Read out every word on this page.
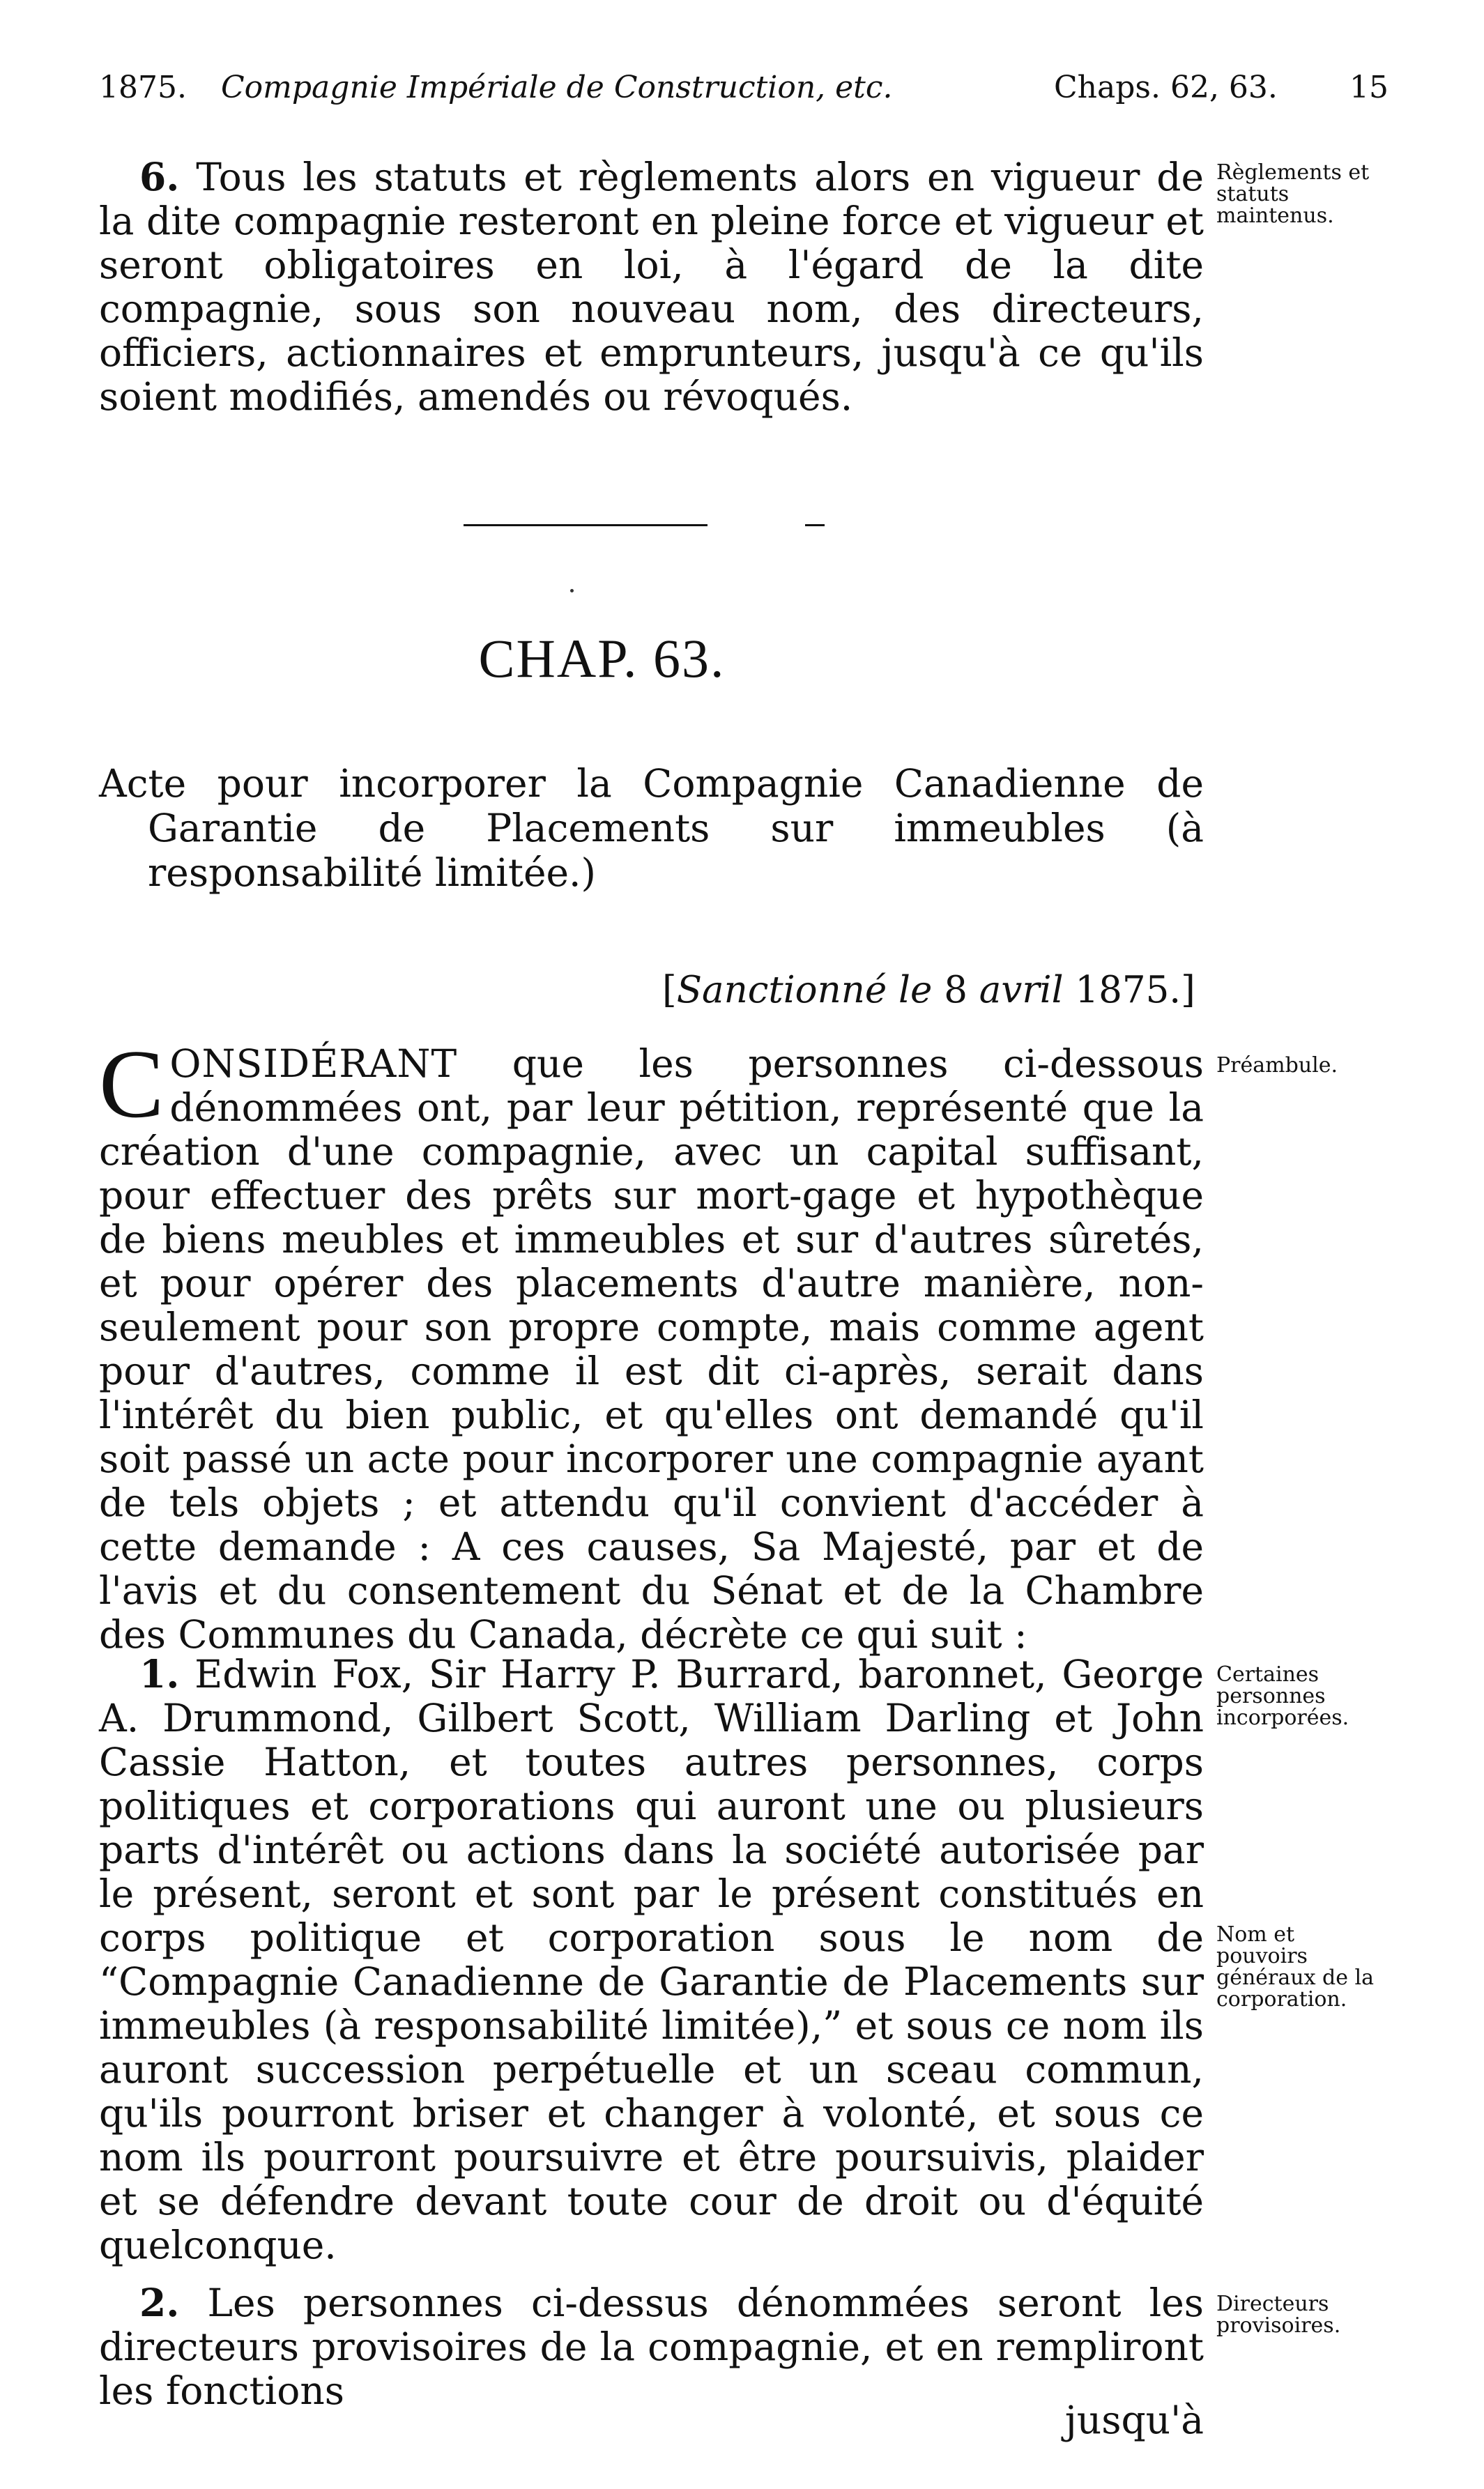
1875. Compagnie Impériale de Construction, etc.	Chaps. 62, 63. 15
6. Tous les statuts et règlements alors en vigueur de la dite compagnie resteront en pleine force et vigueur et seront obligatoires en loi, à l'égard de la dite compagnie, sous son nouveau nom, des directeurs, officiers, actionnaires et emprunteurs, jusqu'à ce qu'ils soient modifiés, amendés ou révoqués.
Règlements et statuts maintenus.
CHAP. 63.
Acte pour incorporer la Compagnie Canadienne de Garantie de Placements sur immeubles (à responsabilité limitée.)
[Sanctionné le 8 avril 1875.]
CONSIDÉRANT que les personnes ci-dessous dénommées ont, par leur pétition, représenté que la création d'une compagnie, avec un capital suffisant, pour effectuer des prêts sur mort-gage et hypothèque de biens meubles et immeubles et sur d'autres sûretés, et pour opérer des placements d'autre manière, non-seulement pour son propre compte, mais comme agent pour d'autres, comme il est dit ci-après, serait dans l'intérêt du bien public, et qu'elles ont demandé qu'il soit passé un acte pour incorporer une compagnie ayant de tels objets ; et attendu qu'il convient d'accéder à cette demande : A ces causes, Sa Majesté, par et de l'avis et du consentement du Sénat et de la Chambre des Communes du Canada, décrète ce qui suit :
Préambule.
1. Edwin Fox, Sir Harry P. Burrard, baronnet, George A. Drummond, Gilbert Scott, William Darling et John Cassie Hatton, et toutes autres personnes, corps politiques et corporations qui auront une ou plusieurs parts d'intérêt ou actions dans la société autorisée par le présent, seront et sont par le présent constitués en corps politique et corporation sous le nom de “Compagnie Canadienne de Garantie de Placements sur immeubles (à responsabilité limitée),” et sous ce nom ils auront succession perpétuelle et un sceau commun, qu'ils pourront briser et changer à volonté, et sous ce nom ils pourront poursuivre et être poursuivis, plaider et se défendre devant toute cour de droit ou d'équité quelconque.
Certaines personnes incorporées.
Nom et pouvoirs généraux de la corporation.
2. Les personnes ci-dessus dénommées seront les directeurs provisoires de la compagnie, et en rempliront les fonctions
Directeurs provisoires.
jusqu'à
